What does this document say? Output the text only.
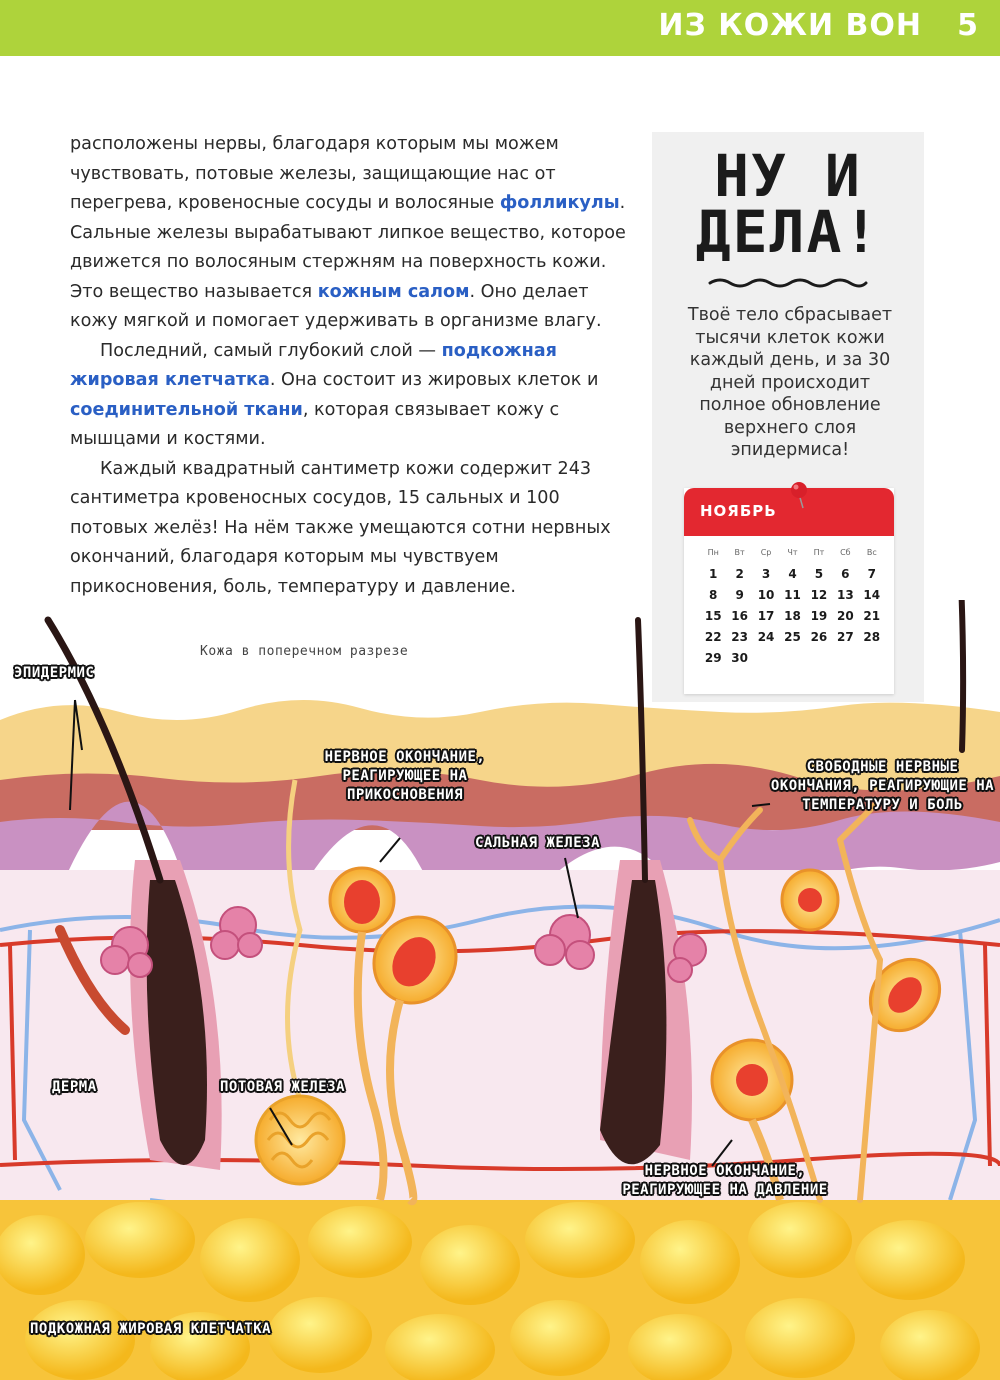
ИЗ КОЖИ ВОН 5

расположены нервы, благодаря которым мы можем чувствовать, потовые железы, защищающие нас от перегрева, кровеносные сосуды и волосяные фолликулы. Сальные железы вырабатывают липкое вещество, которое движется по волосяным стержням на поверхность кожи. Это вещество называется кожным салом. Оно делает кожу мягкой и помогает удерживать в организме влагу.

Последний, самый глубокий слой — подкожная жировая клетчатка. Она состоит из жировых клеток и соединительной ткани, которая связывает кожу с мышцами и костями.

Каждый квадратный сантиметр кожи содержит 243 сантиметра кровеносных сосудов, 15 сальных и 100 потовых желёз! На нём также умещаются сотни нервных окончаний, благодаря которым мы чувствуем прикосновения, боль, температуру и давление.

НУ И
ДЕЛА!
Твоё тело сбрасывает тысячи клеток кожи каждый день, и за 30 дней происходит полное обновление верхнего слоя эпидермиса!
НОЯБРЬ
Пн	Вт	Ср	Чт	Пт	Сб	Вс
1	2	3	4	5	6	7
8	9	10 11 12 13 14
15 16 17 18 19 20 21
22 23 24 25 26 27 28
29 30
Кожа в поперечном разрезе
ЭПИДЕРМИС
НЕРВНОЕ ОКОНЧАНИЕ, РЕАГИРУЮЩЕЕ НА ПРИКОСНОВЕНИЯ
САЛЬНАЯ ЖЕЛЕЗА
СВОБОДНЫЕ НЕРВНЫЕ ОКОНЧАНИЯ, РЕАГИРУЮЩИЕ НА ТЕМПЕРАТУРУ И БОЛЬ
ДЕРМА	ПОТОВАЯ ЖЕЛЕЗА
НЕРВНОЕ ОКОНЧАНИЕ, РЕАГИРУЮЩЕЕ НА ДАВЛЕНИЕ
ПОДКОЖНАЯ ЖИРОВАЯ КЛЕТЧАТКА
